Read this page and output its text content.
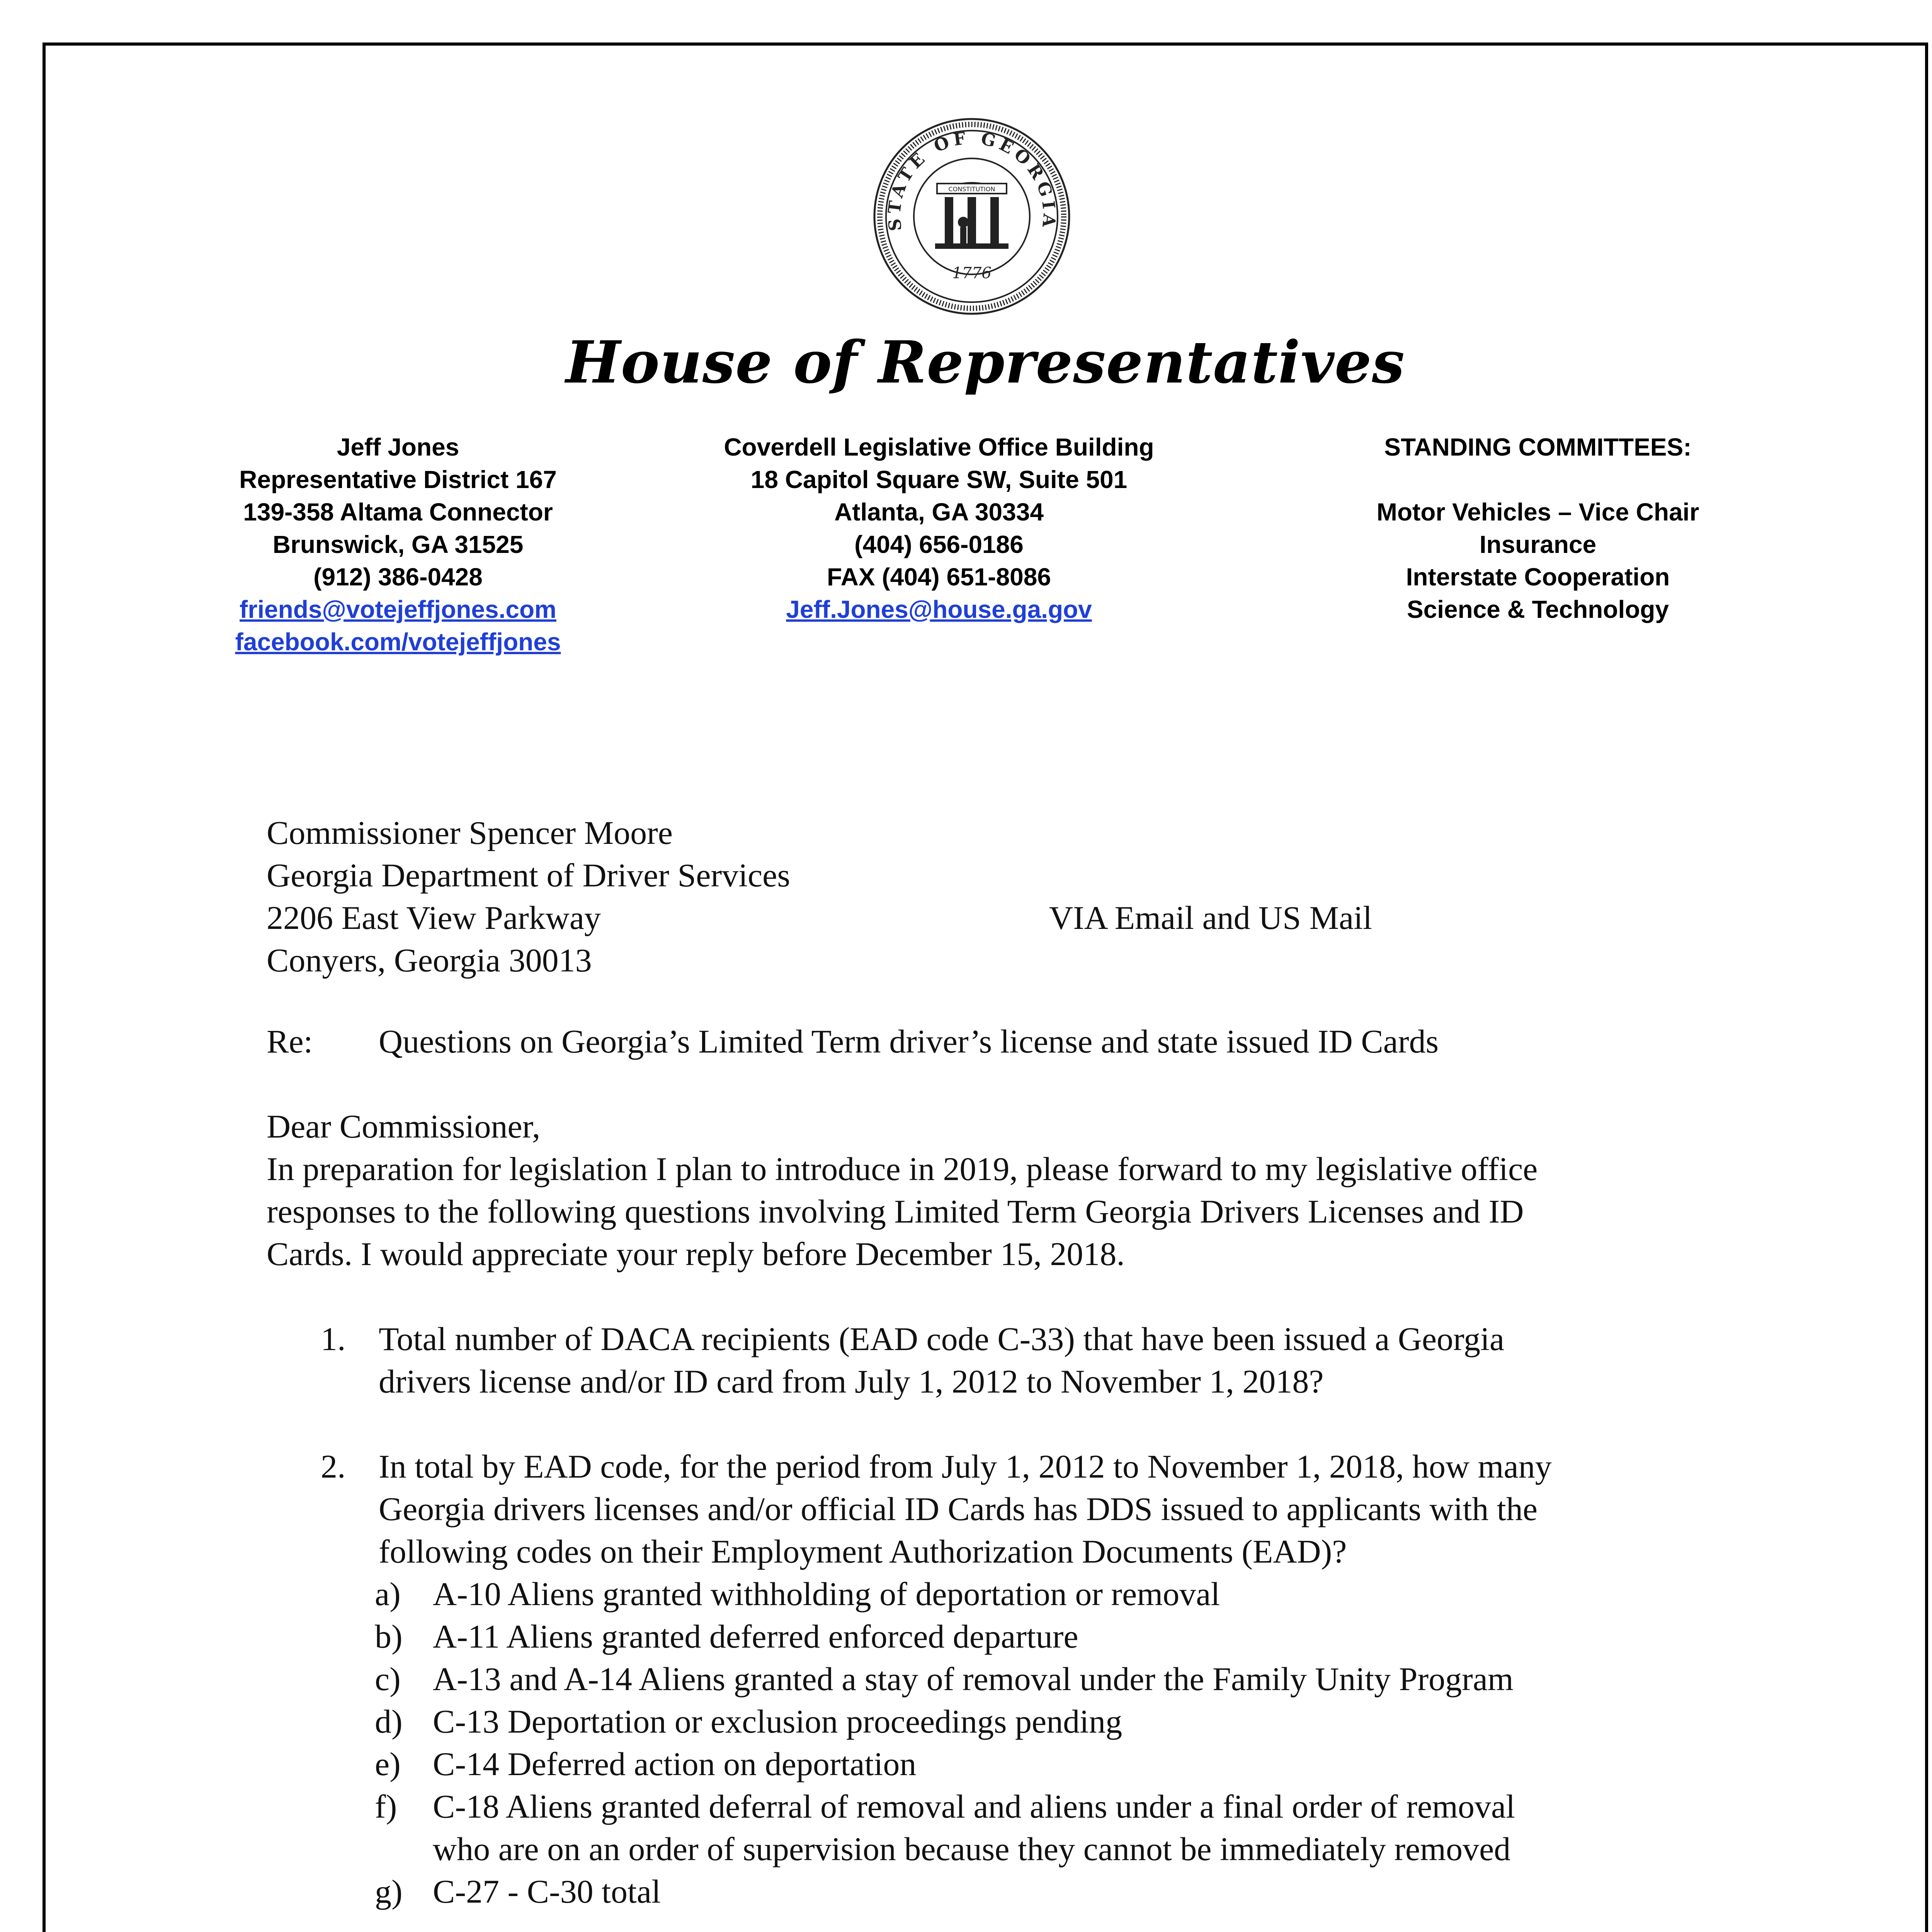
STATE OF GEORGIA
CONSTITUTION
1776
House of Representatives
Jeff Jones
Representative District 167
139-358 Altama Connector
Brunswick, GA 31525
(912) 386-0428
friends@votejeffjones.com
facebook.com/votejeffjones
Coverdell Legislative Office Building
18 Capitol Square SW, Suite 501
Atlanta, GA 30334
(404) 656-0186
FAX (404) 651-8086
Jeff.Jones@house.ga.gov
STANDING COMMITTEES:
Motor Vehicles – Vice Chair
Insurance
Interstate Cooperation
Science & Technology
Commissioner Spencer Moore
Georgia Department of Driver Services
2206 East View Parkway
Conyers, Georgia 30013
VIA Email and US Mail
Re: Questions on Georgia’s Limited Term driver’s license and state issued ID Cards
Dear Commissioner,
In preparation for legislation I plan to introduce in 2019, please forward to my legislative office
responses to the following questions involving Limited Term Georgia Drivers Licenses and ID
Cards. I would appreciate your reply before December 15, 2018.
1. Total number of DACA recipients (EAD code C-33) that have been issued a Georgia
drivers license and/or ID card from July 1, 2012 to November 1, 2018?
2. In total by EAD code, for the period from July 1, 2012 to November 1, 2018, how many
Georgia drivers licenses and/or official ID Cards has DDS issued to applicants with the
following codes on their Employment Authorization Documents (EAD)?
a) A-10 Aliens granted withholding of deportation or removal
b) A-11 Aliens granted deferred enforced departure
c) A-13 and A-14 Aliens granted a stay of removal under the Family Unity Program
d) C-13 Deportation or exclusion proceedings pending
e) C-14 Deferred action on deportation
f) C-18 Aliens granted deferral of removal and aliens under a final order of removal
who are on an order of supervision because they cannot be immediately removed
g) C-27 - C-30 total
